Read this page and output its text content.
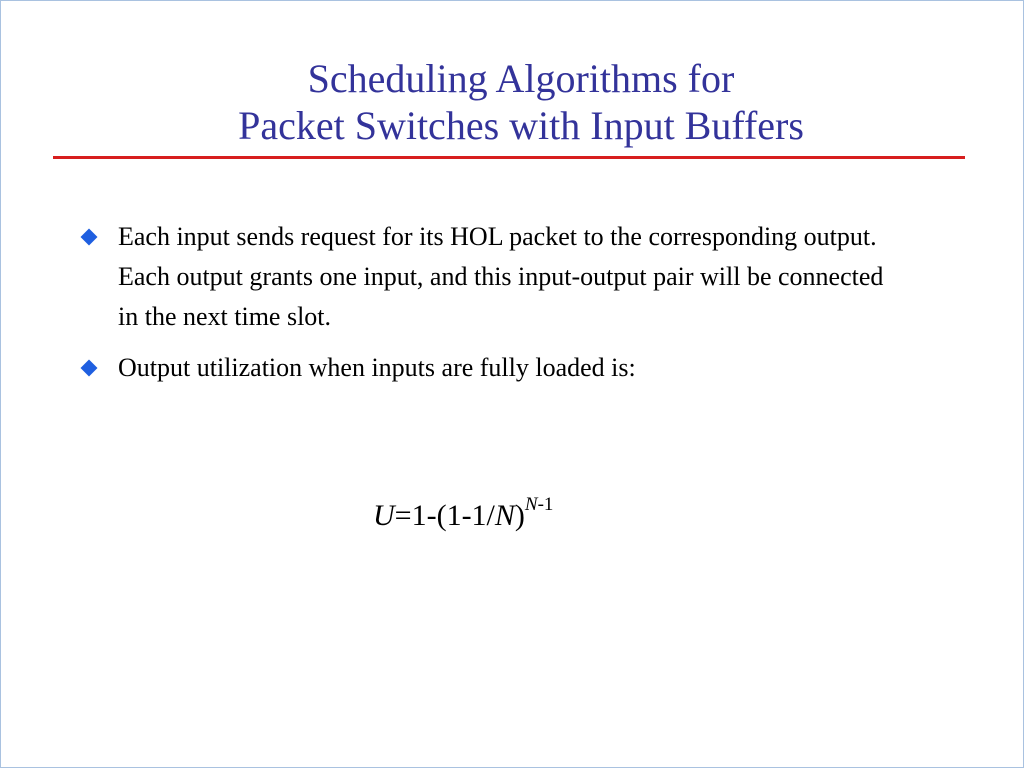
Scheduling Algorithms for
Packet Switches with Input Buffers
Each input sends request for its HOL packet to the corresponding output. Each output grants one input, and this input-output pair will be connected in the next time slot.
Output utilization when inputs are fully loaded is:
$U=1-(1-1/N)^{N-1}$
